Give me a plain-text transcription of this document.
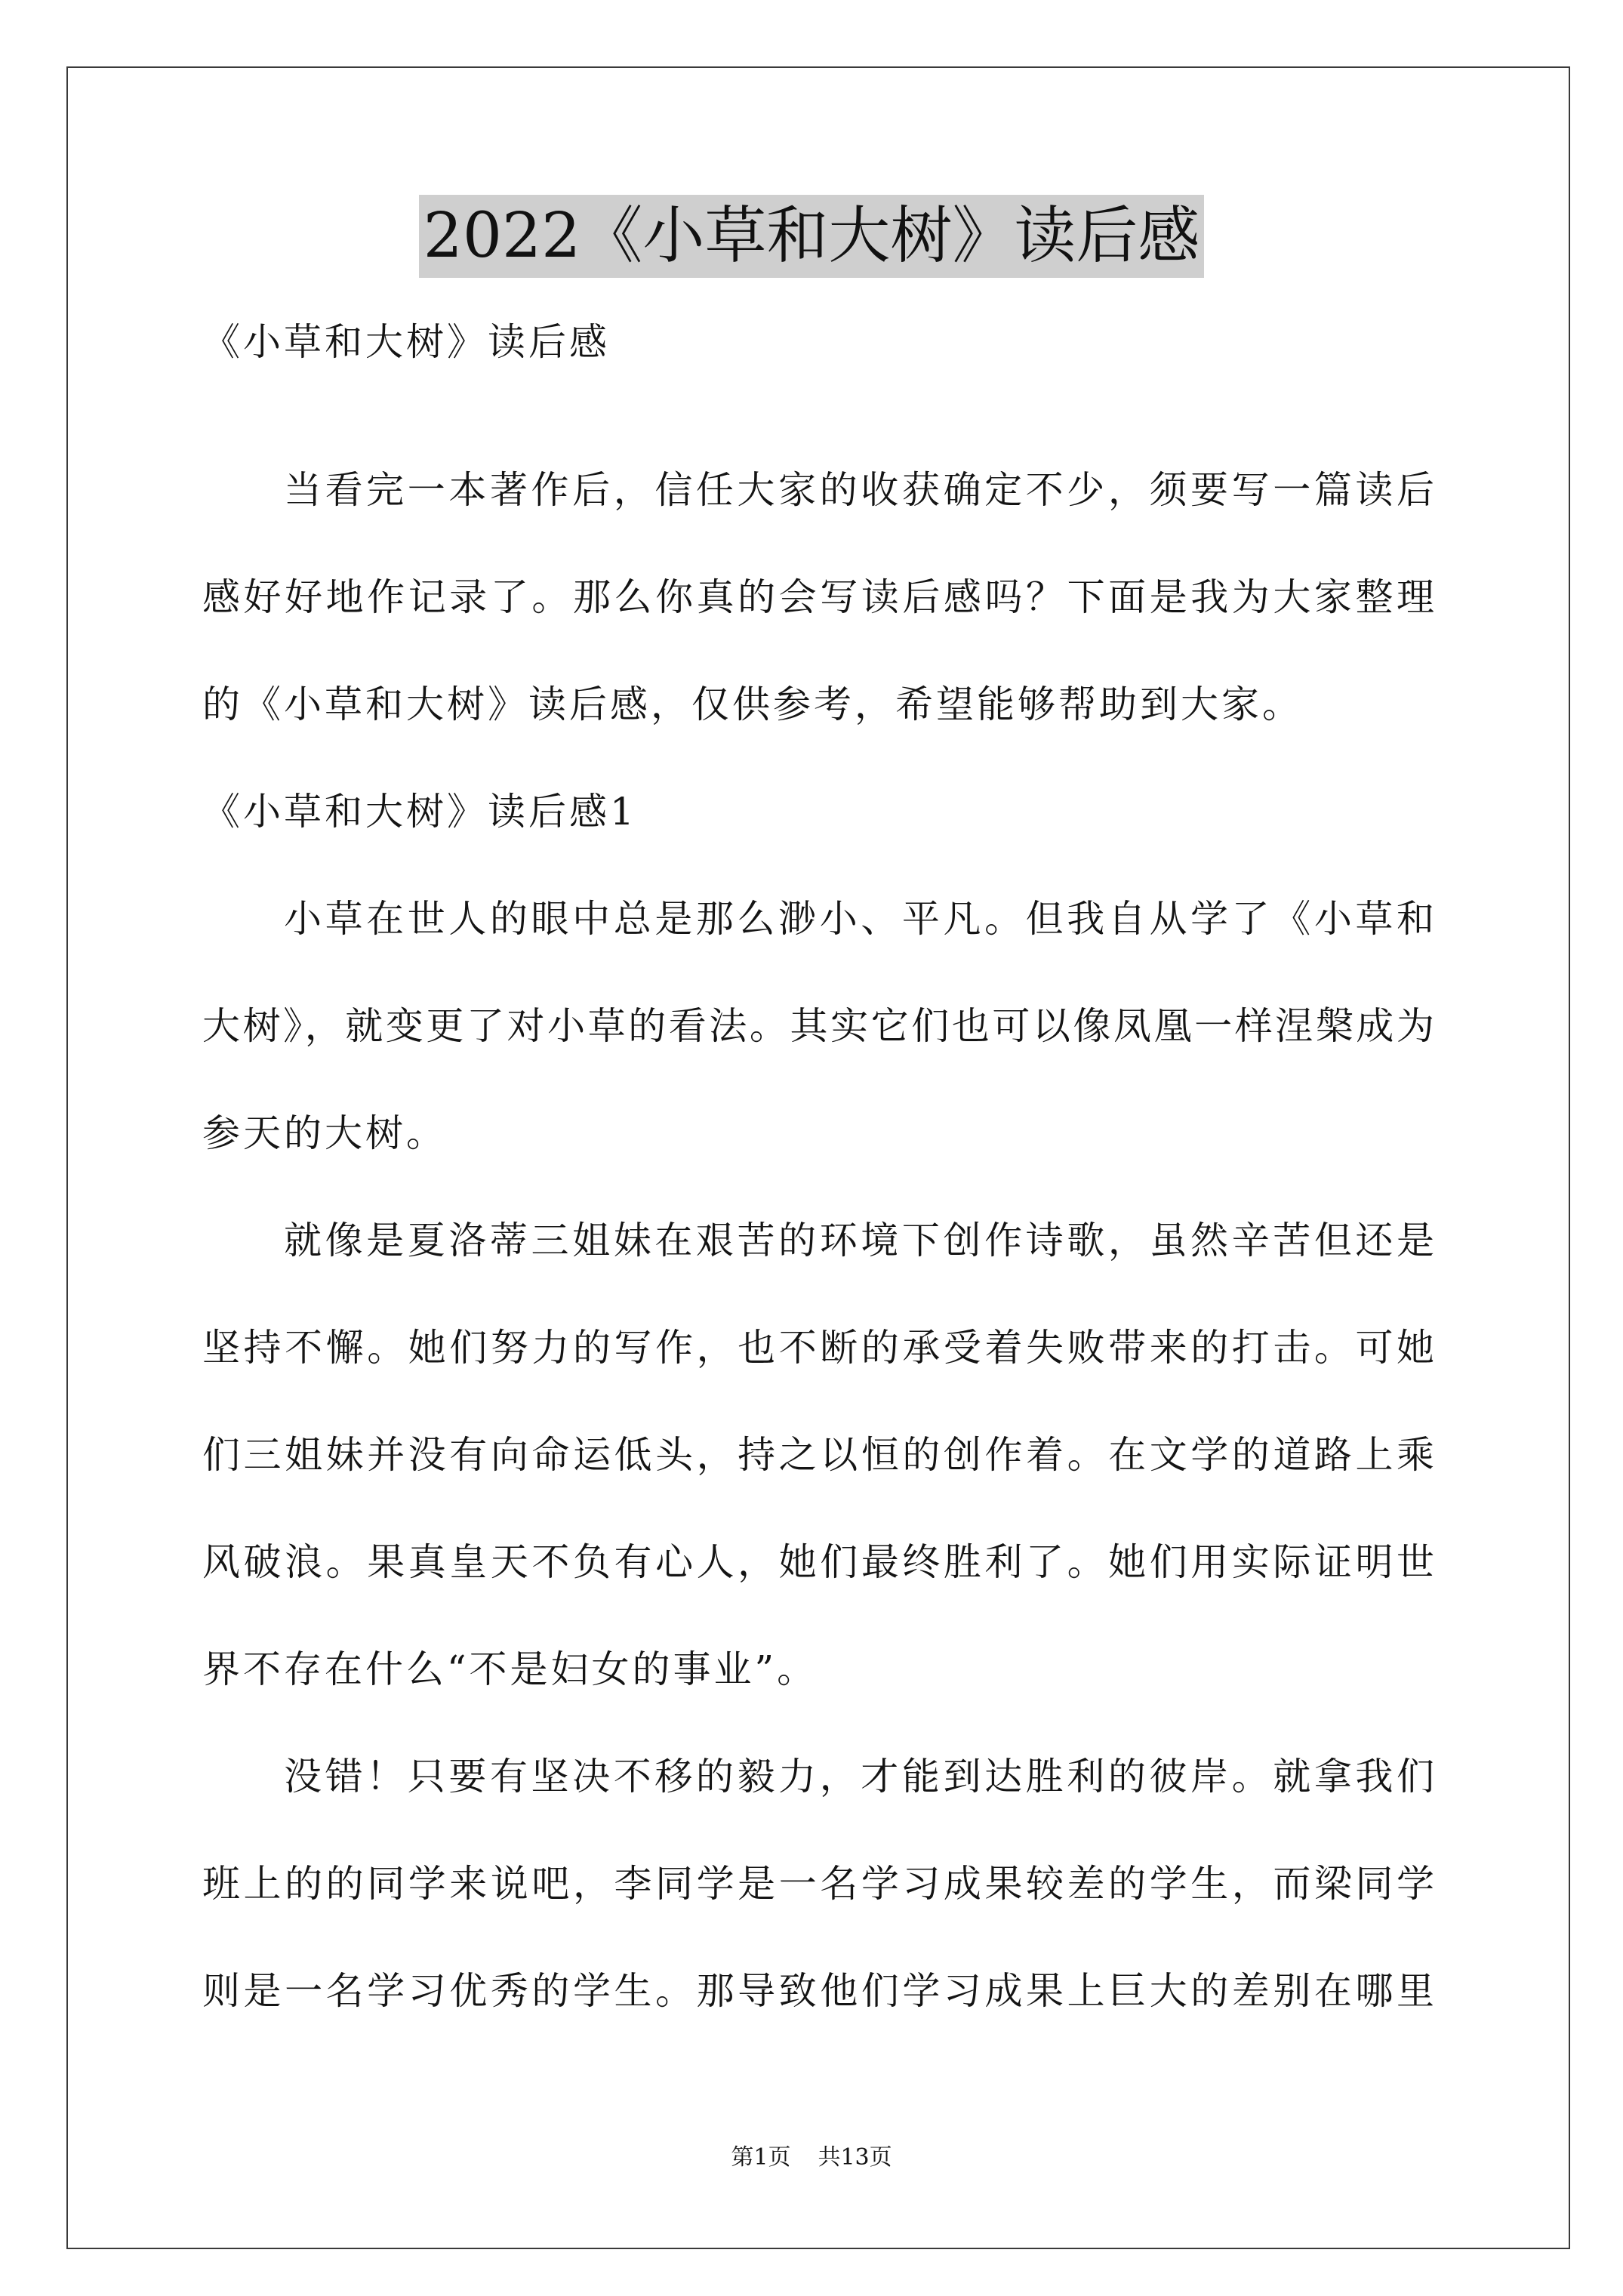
2022《小草和大树》读后感
《小草和大树》读后感
当看完一本著作后，信任大家的收获确定不少，须要写一篇读后
感好好地作记录了。那么你真的会写读后感吗？下面是我为大家整理
的《小草和大树》读后感，仅供参考，希望能够帮助到大家。
《小草和大树》读后感1
小草在世人的眼中总是那么渺小、平凡。但我自从学了《小草和
大树》，就变更了对小草的看法。其实它们也可以像凤凰一样涅槃成为
参天的大树。
就像是夏洛蒂三姐妹在艰苦的环境下创作诗歌，虽然辛苦但还是
坚持不懈。她们努力的写作，也不断的承受着失败带来的打击。可她
们三姐妹并没有向命运低头，持之以恒的创作着。在文学的道路上乘
风破浪。果真皇天不负有心人，她们最终胜利了。她们用实际证明世
界不存在什么“不是妇女的事业”。
没错！只要有坚决不移的毅力，才能到达胜利的彼岸。就拿我们
班上的的同学来说吧，李同学是一名学习成果较差的学生，而梁同学
则是一名学习优秀的学生。那导致他们学习成果上巨大的差别在哪里
第1页 共13页
